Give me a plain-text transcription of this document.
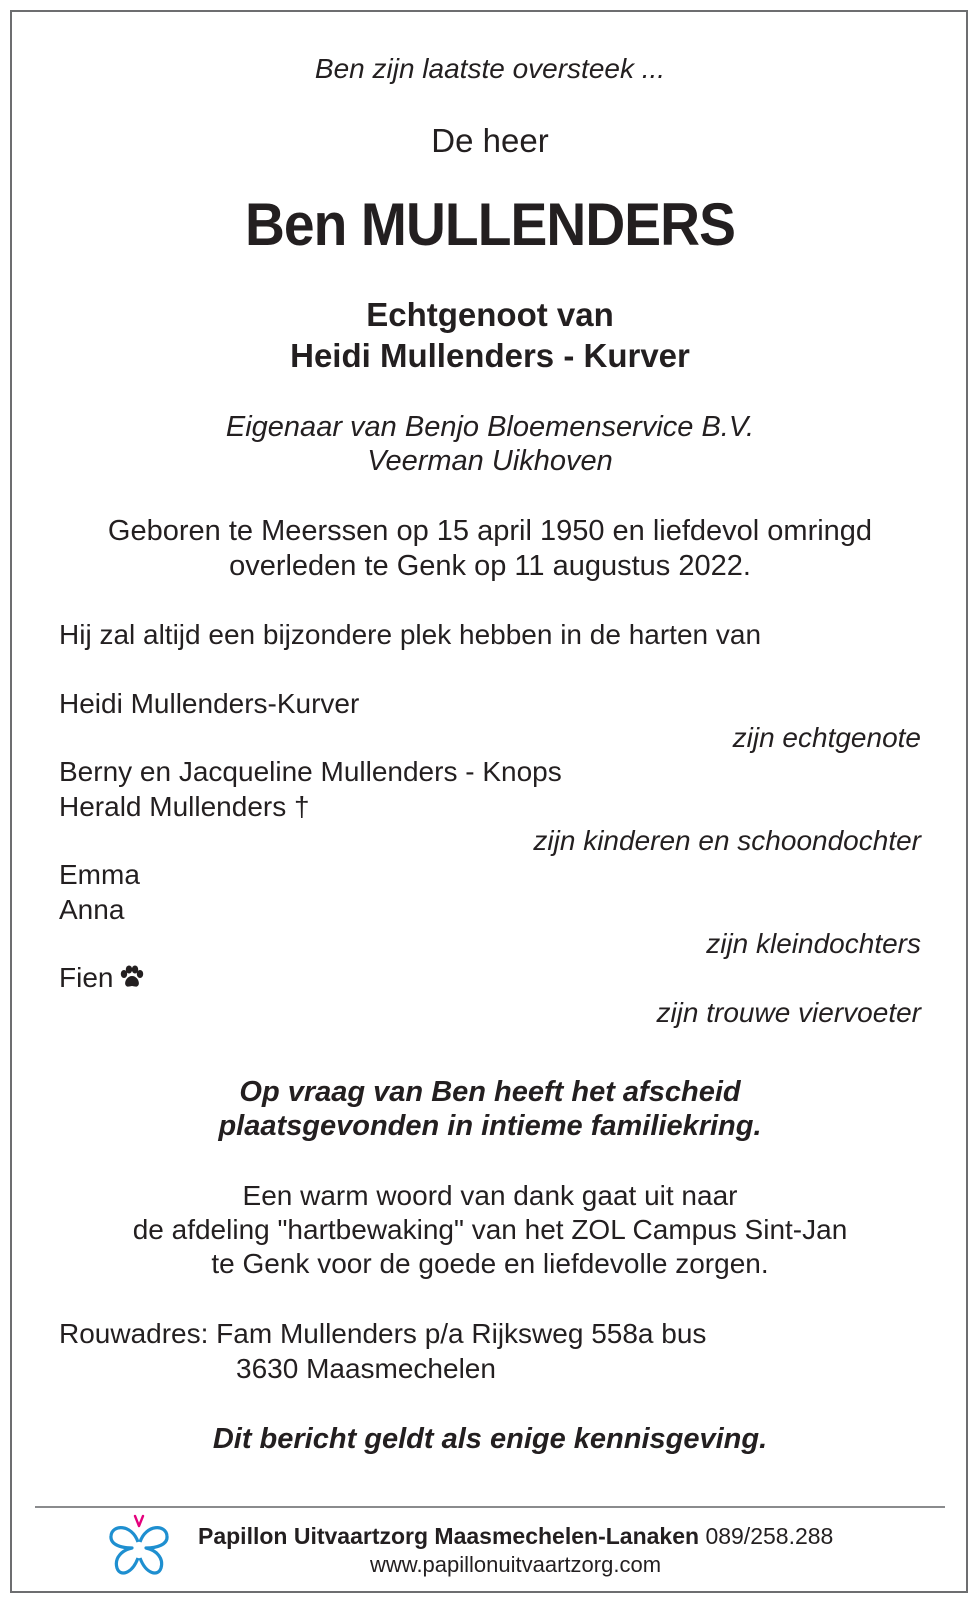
Ben zijn laatste oversteek ...
De heer
Ben MULLENDERS
Echtgenoot van
Heidi Mullenders - Kurver
Eigenaar van Benjo Bloemenservice B.V.
Veerman Uikhoven
Geboren te Meerssen op 15 april 1950 en liefdevol omringd
overleden te Genk op 11 augustus 2022.
Hij zal altijd een bijzondere plek hebben in de harten van
Heidi Mullenders-Kurver
zijn echtgenote
Berny en Jacqueline Mullenders - Knops
Herald Mullenders †
zijn kinderen en schoondochter
Emma
Anna
zijn kleindochters
Fien
zijn trouwe viervoeter
Op vraag van Ben heeft het afscheid
plaatsgevonden in intieme familiekring.
Een warm woord van dank gaat uit naar
de afdeling "hartbewaking" van het ZOL Campus Sint-Jan
te Genk voor de goede en liefdevolle zorgen.
Rouwadres: Fam Mullenders p/a Rijksweg 558a bus
3630 Maasmechelen
Dit bericht geldt als enige kennisgeving.
Papillon Uitvaartzorg Maasmechelen-Lanaken 089/258.288
www.papillonuitvaartzorg.com
